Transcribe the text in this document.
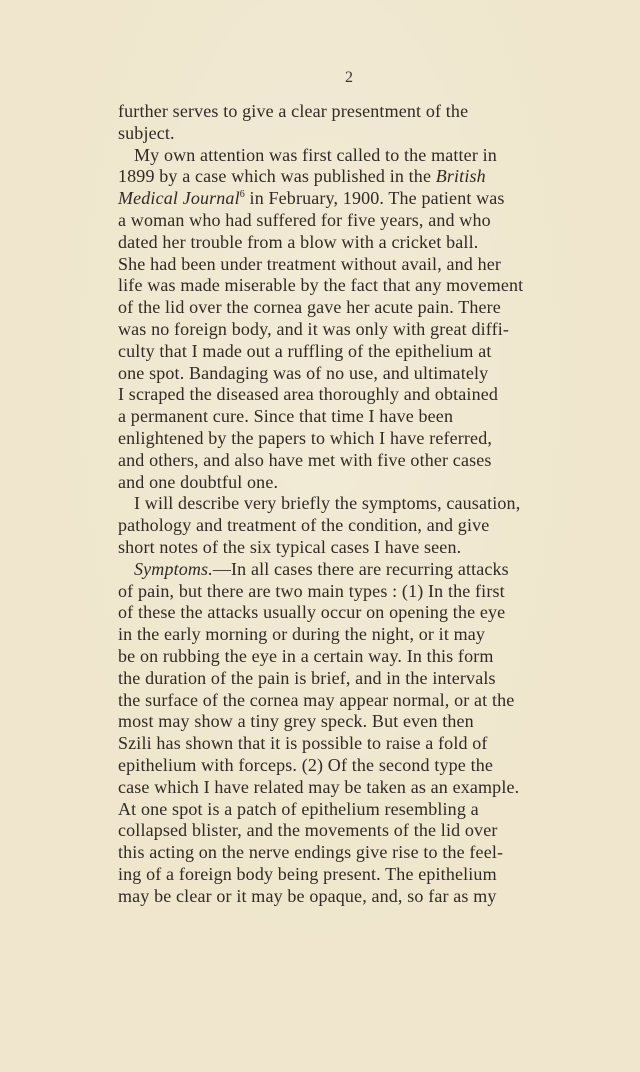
2
further serves to give a clear presentment of the
subject.
My own attention was first called to the matter in
1899 by a case which was published in the British
Medical Journal$^6$ in February, 1900. The patient was
a woman who had suffered for five years, and who
dated her trouble from a blow with a cricket ball.
She had been under treatment without avail, and her
life was made miserable by the fact that any movement
of the lid over the cornea gave her acute pain. There
was no foreign body, and it was only with great diffi-
culty that I made out a ruffling of the epithelium at
one spot. Bandaging was of no use, and ultimately
I scraped the diseased area thoroughly and obtained
a permanent cure. Since that time I have been
enlightened by the papers to which I have referred,
and others, and also have met with five other cases
and one doubtful one.
I will describe very briefly the symptoms, causation,
pathology and treatment of the condition, and give
short notes of the six typical cases I have seen.
Symptoms.—In all cases there are recurring attacks
of pain, but there are two main types : (1) In the first
of these the attacks usually occur on opening the eye
in the early morning or during the night, or it may
be on rubbing the eye in a certain way. In this form
the duration of the pain is brief, and in the intervals
the surface of the cornea may appear normal, or at the
most may show a tiny grey speck. But even then
Szili has shown that it is possible to raise a fold of
epithelium with forceps. (2) Of the second type the
case which I have related may be taken as an example.
At one spot is a patch of epithelium resembling a
collapsed blister, and the movements of the lid over
this acting on the nerve endings give rise to the feel-
ing of a foreign body being present. The epithelium
may be clear or it may be opaque, and, so far as my
